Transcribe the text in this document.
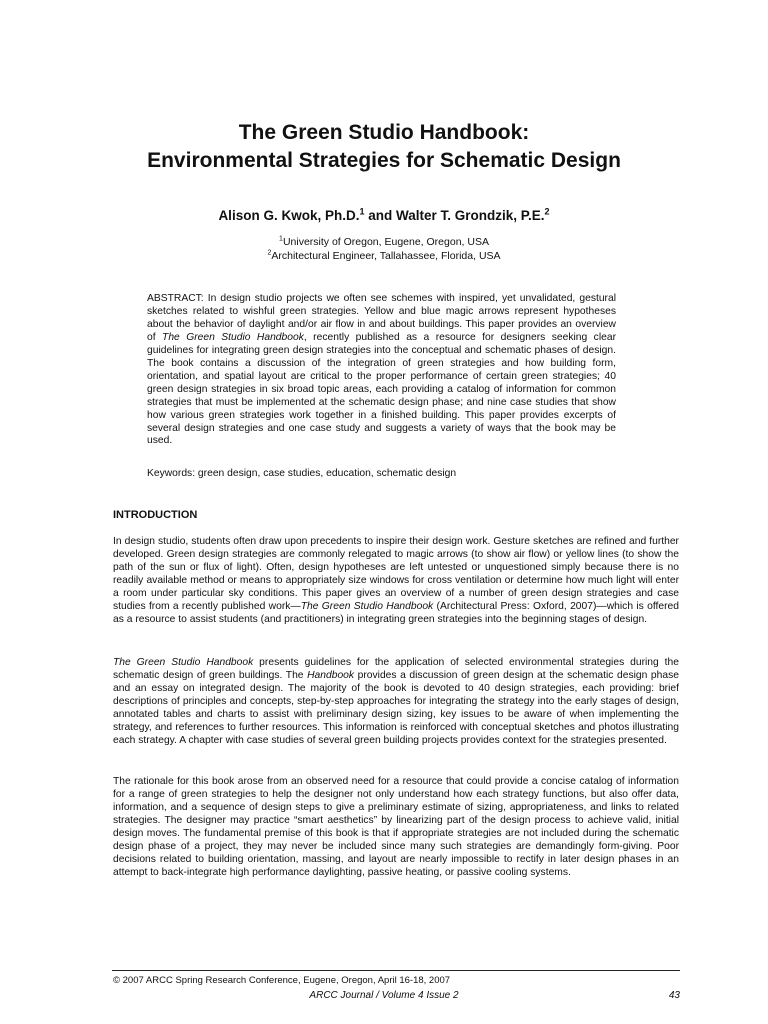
The Green Studio Handbook:
Environmental Strategies for Schematic Design
Alison G. Kwok, Ph.D.$^1$ and Walter T. Grondzik, P.E.$^2$
$^1$University of Oregon, Eugene, Oregon, USA
$^2$Architectural Engineer, Tallahassee, Florida, USA
ABSTRACT: In design studio projects we often see schemes with inspired, yet unvalidated, gestural sketches related to wishful green strategies. Yellow and blue magic arrows represent hypotheses about the behavior of daylight and/or air flow in and about buildings. This paper provides an overview of The Green Studio Handbook, recently published as a resource for designers seeking clear guidelines for integrating green design strategies into the conceptual and schematic phases of design. The book contains a discussion of the integration of green strategies and how building form, orientation, and spatial layout are critical to the proper performance of certain green strategies; 40 green design strategies in six broad topic areas, each providing a catalog of information for common strategies that must be implemented at the schematic design phase; and nine case studies that show how various green strategies work together in a finished building. This paper provides excerpts of several design strategies and one case study and suggests a variety of ways that the book may be used.
Keywords: green design, case studies, education, schematic design
INTRODUCTION
In design studio, students often draw upon precedents to inspire their design work. Gesture sketches are refined and further developed. Green design strategies are commonly relegated to magic arrows (to show air flow) or yellow lines (to show the path of the sun or flux of light). Often, design hypotheses are left untested or unquestioned simply because there is no readily available method or means to appropriately size windows for cross ventilation or determine how much light will enter a room under particular sky conditions. This paper gives an overview of a number of green design strategies and case studies from a recently published work—The Green Studio Handbook (Architectural Press: Oxford, 2007)—which is offered as a resource to assist students (and practitioners) in integrating green strategies into the beginning stages of design.
The Green Studio Handbook presents guidelines for the application of selected environmental strategies during the schematic design of green buildings. The Handbook provides a discussion of green design at the schematic design phase and an essay on integrated design. The majority of the book is devoted to 40 design strategies, each providing: brief descriptions of principles and concepts, step-by-step approaches for integrating the strategy into the early stages of design, annotated tables and charts to assist with preliminary design sizing, key issues to be aware of when implementing the strategy, and references to further resources. This information is reinforced with conceptual sketches and photos illustrating each strategy. A chapter with case studies of several green building projects provides context for the strategies presented.
The rationale for this book arose from an observed need for a resource that could provide a concise catalog of information for a range of green strategies to help the designer not only understand how each strategy functions, but also offer data, information, and a sequence of design steps to give a preliminary estimate of sizing, appropriateness, and links to related strategies. The designer may practice “smart aesthetics” by linearizing part of the design process to achieve valid, initial design moves. The fundamental premise of this book is that if appropriate strategies are not included during the schematic design phase of a project, they may never be included since many such strategies are demandingly form-giving. Poor decisions related to building orientation, massing, and layout are nearly impossible to rectify in later design phases in an attempt to back-integrate high performance daylighting, passive heating, or passive cooling systems.
© 2007 ARCC Spring Research Conference, Eugene, Oregon, April 16-18, 2007
ARCC Journal / Volume 4 Issue 2	43
